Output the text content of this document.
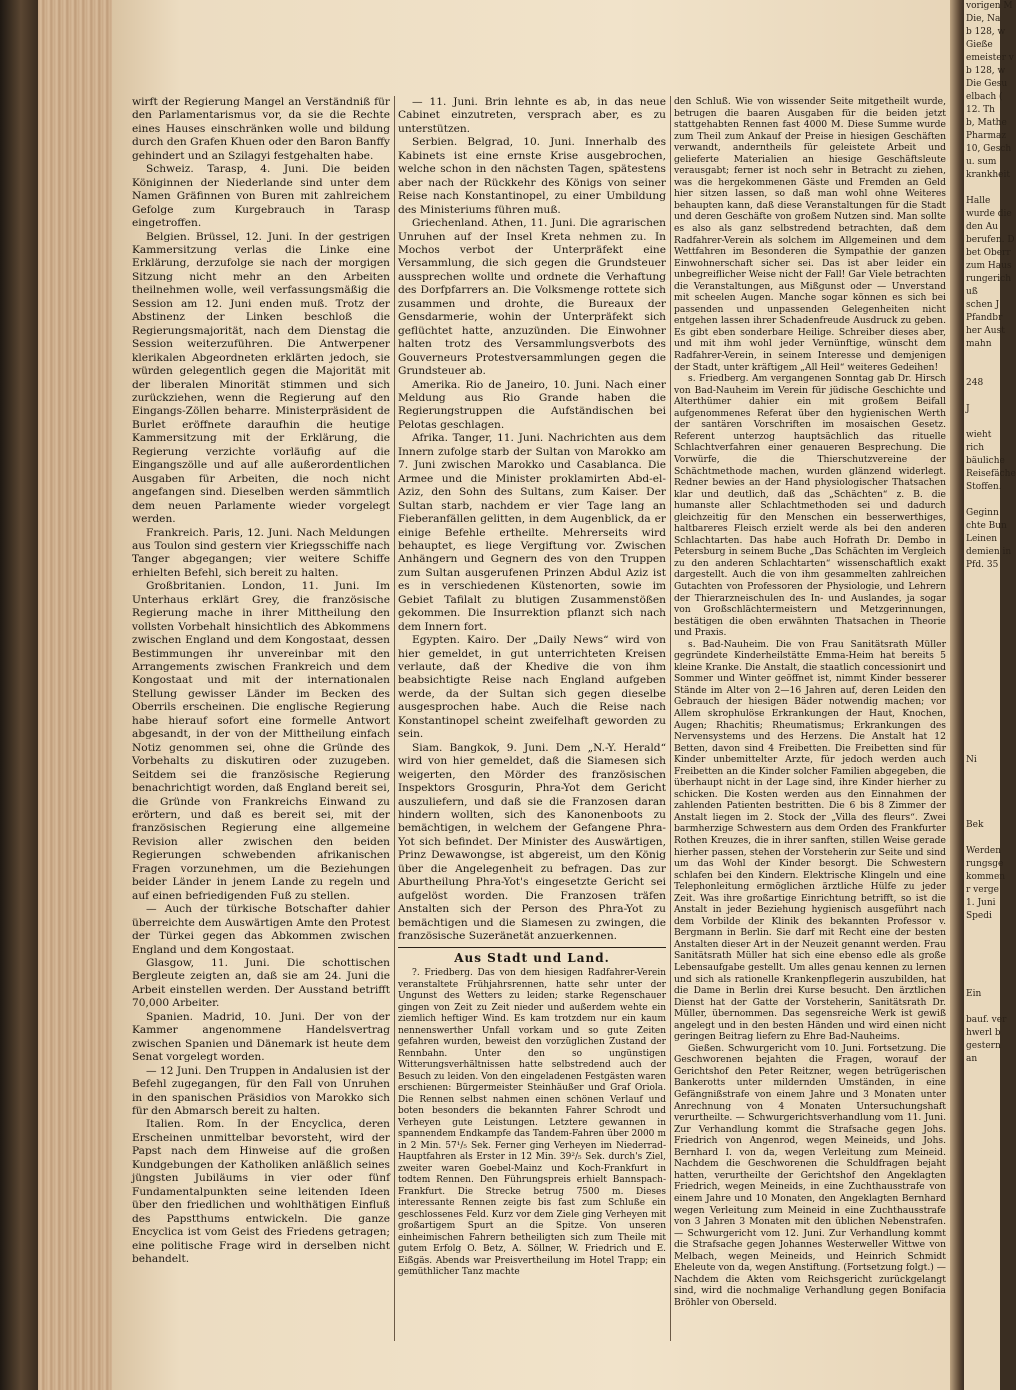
wirft der Regierung Mangel an Verständniß für den Parlamentarismus vor, da sie die Rechte eines Hauses einschränken wolle und bildung durch den Grafen Khuen oder den Baron Banffy gehindert und an Szilagyi festgehalten habe.

Schweiz. Tarasp, 4. Juni. Die beiden Königinnen der Niederlande sind unter dem Namen Gräfinnen von Buren mit zahlreichem Gefolge zum Kurgebrauch in Tarasp eingetroffen.

Belgien. Brüssel, 12. Juni. In der gestrigen Kammersitzung verlas die Linke eine Erklärung, derzufolge sie nach der morgigen Sitzung nicht mehr an den Arbeiten theilnehmen wolle, weil verfassungsmäßig die Session am 12. Juni enden muß. Trotz der Abstinenz der Linken beschloß die Regierungsmajorität, nach dem Dienstag die Session weiterzuführen. Die Antwerpener klerikalen Abgeordneten erklärten jedoch, sie würden gelegentlich gegen die Majorität mit der liberalen Minorität stimmen und sich zurückziehen, wenn die Regierung auf den Eingangs-Zöllen beharre. Ministerpräsident de Burlet eröffnete daraufhin die heutige Kammersitzung mit der Erklärung, die Regierung verzichte vorläufig auf die Eingangszölle und auf alle außerordentlichen Ausgaben für Arbeiten, die noch nicht angefangen sind. Dieselben werden sämmtlich dem neuen Parlamente wieder vorgelegt werden.

Frankreich. Paris, 12. Juni. Nach Meldungen aus Toulon sind gestern vier Kriegsschiffe nach Tanger abgegangen; vier weitere Schiffe erhielten Befehl, sich bereit zu halten.

Großbritanien. London, 11. Juni. Im Unterhaus erklärt Grey, die französische Regierung mache in ihrer Mittheilung den vollsten Vorbehalt hinsichtlich des Abkommens zwischen England und dem Kongostaat, dessen Bestimmungen ihr unvereinbar mit den Arrangements zwischen Frankreich und dem Kongostaat und mit der internationalen Stellung gewisser Länder im Becken des Oberrils erscheinen. Die englische Regierung habe hierauf sofort eine formelle Antwort abgesandt, in der von der Mittheilung einfach Notiz genommen sei, ohne die Gründe des Vorbehalts zu diskutiren oder zuzugeben. Seitdem sei die französische Regierung benachrichtigt worden, daß England bereit sei, die Gründe von Frankreichs Einwand zu erörtern, und daß es bereit sei, mit der französischen Regierung eine allgemeine Revision aller zwischen den beiden Regierungen schwebenden afrikanischen Fragen vorzunehmen, um die Beziehungen beider Länder in jenem Lande zu regeln und auf einen befriedigenden Fuß zu stellen.

— Auch der türkische Botschafter dahier überreichte dem Auswärtigen Amte den Protest der Türkei gegen das Abkommen zwischen England und dem Kongostaat.

Glasgow, 11. Juni. Die schottischen Bergleute zeigten an, daß sie am 24. Juni die Arbeit einstellen werden. Der Ausstand betrifft 70,000 Arbeiter.

Spanien. Madrid, 10. Juni. Der von der Kammer angenommene Handelsvertrag zwischen Spanien und Dänemark ist heute dem Senat vorgelegt worden.

— 12 Juni. Den Truppen in Andalusien ist der Befehl zugegangen, für den Fall von Unruhen in den spanischen Präsidios von Marokko sich für den Abmarsch bereit zu halten.

Italien. Rom. In der Encyclica, deren Erscheinen unmittelbar bevorsteht, wird der Papst nach dem Hinweise auf die großen Kundgebungen der Katholiken anläßlich seines jüngsten Jubiläums in vier oder fünf Fundamentalpunkten seine leitenden Ideen über den friedlichen und wohlthätigen Einfluß des Papstthums entwickeln. Die ganze Encyclica ist vom Geist des Friedens getragen; eine politische Frage wird in derselben nicht behandelt.

— 11. Juni. Brin lehnte es ab, in das neue Cabinet einzutreten, versprach aber, es zu unterstützen.

Serbien. Belgrad, 10. Juni. Innerhalb des Kabinets ist eine ernste Krise ausgebrochen, welche schon in den nächsten Tagen, spätestens aber nach der Rückkehr des Königs von seiner Reise nach Konstantinopel, zu einer Umbildung des Ministeriums führen muß.

Griechenland. Athen, 11. Juni. Die agrarischen Unruhen auf der Insel Kreta nehmen zu. In Mochos verbot der Unterpräfekt eine Versammlung, die sich gegen die Grundsteuer aussprechen wollte und ordnete die Verhaftung des Dorfpfarrers an. Die Volksmenge rottete sich zusammen und drohte, die Bureaux der Gensdarmerie, wohin der Unterpräfekt sich geflüchtet hatte, anzuzünden. Die Einwohner halten trotz des Versammlungsverbots des Gouverneurs Protestversammlungen gegen die Grundsteuer ab.

Amerika. Rio de Janeiro, 10. Juni. Nach einer Meldung aus Rio Grande haben die Regierungstruppen die Aufständischen bei Pelotas geschlagen.

Afrika. Tanger, 11. Juni. Nachrichten aus dem Innern zufolge starb der Sultan von Marokko am 7. Juni zwischen Marokko und Casablanca. Die Armee und die Minister proklamirten Abd-el-Aziz, den Sohn des Sultans, zum Kaiser. Der Sultan starb, nachdem er vier Tage lang an Fieberanfällen gelitten, in dem Augenblick, da er einige Befehle ertheilte. Mehrerseits wird behauptet, es liege Vergiftung vor. Zwischen Anhängern und Gegnern des von den Truppen zum Sultan ausgerufenen Prinzen Abdul Aziz ist es in verschiedenen Küstenorten, sowie im Gebiet Tafilalt zu blutigen Zusammenstößen gekommen. Die Insurrektion pflanzt sich nach dem Innern fort.

Egypten. Kairo. Der „Daily News“ wird von hier gemeldet, in gut unterrichteten Kreisen verlaute, daß der Khedive die von ihm beabsichtigte Reise nach England aufgeben werde, da der Sultan sich gegen dieselbe ausgesprochen habe. Auch die Reise nach Konstantinopel scheint zweifelhaft geworden zu sein.

Siam. Bangkok, 9. Juni. Dem „N.-Y. Herald“ wird von hier gemeldet, daß die Siamesen sich weigerten, den Mörder des französischen Inspektors Grosgurin, Phra-Yot dem Gericht auszuliefern, und daß sie die Franzosen daran hindern wollten, sich des Kanonenboots zu bemächtigen, in welchem der Gefangene Phra-Yot sich befindet. Der Minister des Auswärtigen, Prinz Dewawongse, ist abgereist, um den König über die Angelegenheit zu befragen. Das zur Aburtheilung Phra-Yot's eingesetzte Gericht sei aufgelöst worden. Die Franzosen träfen Anstalten sich der Person des Phra-Yot zu bemächtigen und die Siamesen zu zwingen, die französische Suzeränetät anzuerkennen.

Aus Stadt und Land.

?. Friedberg. Das von dem hiesigen Radfahrer-Verein veranstaltete Frühjahrsrennen, hatte sehr unter der Ungunst des Wetters zu leiden; starke Regenschauer gingen von Zeit zu Zeit nieder und außerdem wehte ein ziemlich heftiger Wind. Es kam trotzdem nur ein kaum nennenswerther Unfall vorkam und so gute Zeiten gefahren wurden, beweist den vorzüglichen Zustand der Rennbahn. Unter den so ungünstigen Witterungsverhältnissen hatte selbstredend auch der Besuch zu leiden. Von den eingeladenen Festgästen waren erschienen: Bürgermeister Steinhäußer und Graf Oriola. Die Rennen selbst nahmen einen schönen Verlauf und boten besonders die bekannten Fahrer Schrodt und Verheyen gute Leistungen. Letztere gewannen in spannendem Endkampfe das Tandem-Fahren über 2000 m in 2 Min. 57¹/₅ Sek. Ferner ging Verheyen im Niederrad-Hauptfahren als Erster in 12 Min. 39²/₅ Sek. durch's Ziel, zweiter waren Goebel-Mainz und Koch-Frankfurt in todtem Rennen. Den Führungspreis erhielt Bannspach-Frankfurt. Die Strecke betrug 7500 m. Dieses interessante Rennen zeigte bis fast zum Schluße ein geschlossenes Feld. Kurz vor dem Ziele ging Verheyen mit großartigem Spurt an die Spitze. Von unseren einheimischen Fahrern betheiligten sich zum Theile mit gutem Erfolg O. Betz, A. Söllner, W. Friedrich und E. Eißgäs. Abends war Preisvertheilung im Hotel Trapp; ein gemüthlicher Tanz machte

den Schluß. Wie von wissender Seite mitgetheilt wurde, betrugen die baaren Ausgaben für die beiden jetzt stattgehabten Rennen fast 4000 M. Diese Summe wurde zum Theil zum Ankauf der Preise in hiesigen Geschäften verwandt, anderntheils für geleistete Arbeit und gelieferte Materialien an hiesige Geschäftsleute verausgabt; ferner ist noch sehr in Betracht zu ziehen, was die hergekommenen Gäste und Fremden an Geld hier sitzen lassen, so daß man wohl ohne Weiteres behaupten kann, daß diese Veranstaltungen für die Stadt und deren Geschäfte von großem Nutzen sind. Man sollte es also als ganz selbstredend betrachten, daß dem Radfahrer-Verein als solchem im Allgemeinen und dem Wettfahren im Besonderen die Sympathie der ganzen Einwohnerschaft sicher sei. Das ist aber leider ein unbegreiflicher Weise nicht der Fall! Gar Viele betrachten die Veranstaltungen, aus Mißgunst oder — Unverstand mit scheelen Augen. Manche sogar können es sich bei passenden und unpassenden Gelegenheiten nicht entgehen lassen ihrer Schadenfreude Ausdruck zu geben. Es gibt eben sonderbare Heilige. Schreiber dieses aber, und mit ihm wohl jeder Vernünftige, wünscht dem Radfahrer-Verein, in seinem Interesse und demjenigen der Stadt, unter kräftigem „All Heil“ weiteres Gedeihen!

s. Friedberg. Am vergangenen Sonntag gab Dr. Hirsch von Bad-Nauheim im Verein für jüdische Geschichte und Alterthümer dahier ein mit großem Beifall aufgenommenes Referat über den hygienischen Werth der santären Vorschriften im mosaischen Gesetz. Referent unterzog hauptsächlich das rituelle Schlachtverfahren einer genaueren Besprechung. Die Vorwürfe, die die Thierschutzvereine der Schächtmethode machen, wurden glänzend widerlegt. Redner bewies an der Hand physiologischer Thatsachen klar und deutlich, daß das „Schächten“ z. B. die humanste aller Schlachtmethoden sei und dadurch gleichzeitig für den Menschen ein besserwerthiges, haltbareres Fleisch erzielt werde als bei den anderen Schlachtarten. Das habe auch Hofrath Dr. Dembo in Petersburg in seinem Buche „Das Schächten im Vergleich zu den anderen Schlachtarten“ wissenschaftlich exakt dargestellt. Auch die von ihm gesammelten zahlreichen Gutachten von Professoren der Physiologie, und Lehrern der Thierarzneischulen des In- und Auslandes, ja sogar von Großschlächtermeistern und Metzgerinnungen, bestätigen die oben erwähnten Thatsachen in Theorie und Praxis.

s. Bad-Nauheim. Die von Frau Sanitätsrath Müller gegründete Kinderheilstätte Emma-Heim hat bereits 5 kleine Kranke. Die Anstalt, die staatlich concessionirt und Sommer und Winter geöffnet ist, nimmt Kinder besserer Stände im Alter von 2—16 Jahren auf, deren Leiden den Gebrauch der hiesigen Bäder notwendig machen; vor Allem skrophulöse Erkrankungen der Haut, Knochen, Augen; Rhachitis; Rheumatismus; Erkrankungen des Nervensystems und des Herzens. Die Anstalt hat 12 Betten, davon sind 4 Freibetten. Die Freibetten sind für Kinder unbemittelter Arzte, für jedoch werden auch Freibetten an die Kinder solcher Familien abgegeben, die überhaupt nicht in der Lage sind, ihre Kinder hierher zu schicken. Die Kosten werden aus den Einnahmen der zahlenden Patienten bestritten. Die 6 bis 8 Zimmer der Anstalt liegen im 2. Stock der „Villa des fleurs“. Zwei barmherzige Schwestern aus dem Orden des Frankfurter Rothen Kreuzes, die in ihrer sanften, stillen Weise gerade hierher passen, stehen der Vorsteherin zur Seite und sind um das Wohl der Kinder besorgt. Die Schwestern schlafen bei den Kindern. Elektrische Klingeln und eine Telephonleitung ermöglichen ärztliche Hülfe zu jeder Zeit. Was ihre großartige Einrichtung betrifft, so ist die Anstalt in jeder Beziehung hygienisch ausgeführt nach dem Vorbilde der Klinik des bekannten Professor v. Bergmann in Berlin. Sie darf mit Recht eine der besten Anstalten dieser Art in der Neuzeit genannt werden. Frau Sanitätsrath Müller hat sich eine ebenso edle als große Lebensaufgabe gestellt. Um alles genau kennen zu lernen und sich als rationelle Krankenpflegerin auszubilden, hat die Dame in Berlin drei Kurse besucht. Den ärztlichen Dienst hat der Gatte der Vorsteherin, Sanitätsrath Dr. Müller, übernommen. Das segensreiche Werk ist gewiß angelegt und in den besten Händen und wird einen nicht geringen Beitrag liefern zu Ehre Bad-Nauheims.

Gießen. Schwurgericht vom 10. Juni. Fortsetzung. Die Geschworenen bejahten die Fragen, worauf der Gerichtshof den Peter Reitzner, wegen betrügerischen Bankerotts unter mildernden Umständen, in eine Gefängnißstrafe von einem Jahre und 3 Monaten unter Anrechnung von 4 Monaten Untersuchungshaft verurtheilte. — Schwurgerichtsverhandlung vom 11. Juni. Zur Verhandlung kommt die Strafsache gegen Johs. Friedrich von Angenrod, wegen Meineids, und Johs. Bernhard I. von da, wegen Verleitung zum Meineid. Nachdem die Geschworenen die Schuldfragen bejaht hatten, verurtheilte der Gerichtshof den Angeklagten Friedrich, wegen Meineids, in eine Zuchthausstrafe von einem Jahre und 10 Monaten, den Angeklagten Bernhard wegen Verleitung zum Meineid in eine Zuchthausstrafe von 3 Jahren 3 Monaten mit den üblichen Nebenstrafen. — Schwurgericht vom 12. Juni. Zur Verhandlung kommt die Strafsache gegen Johannes Westerweller Wittwe von Melbach, wegen Meineids, und Heinrich Schmidt Eheleute von da, wegen Anstiftung. (Fortsetzung folgt.) — Nachdem die Akten vom Reichsgericht zurückgelangt sind, wird die nochmalige Verhandlung gegen Bonifacia Bröhler von Oberseld.

vorigen M
Die, Na
b 128, w
Gieße
emeister v
b 128, w
Die Gesu
elbach (
12. Th
b, Mathe
Pharmaz
10, Gesch
u. sum
krankheit

Halle
wurde die
den Au
berufen. D
bet Oberr
zum Haus
rungerich
uß
schen J
Pfandbr
her Aust
mahn

248

J

wieht
rich
bäuliche
Reisefäche
Stoffen.

Geginn
chte Bun
Leinen
demien in
Pfd. 35

Ni

Bek

Werden
rungsge
kommen
r verge
1. Juni
Spedi

Ein

bauf. ver
hwerl b
gestern
an
